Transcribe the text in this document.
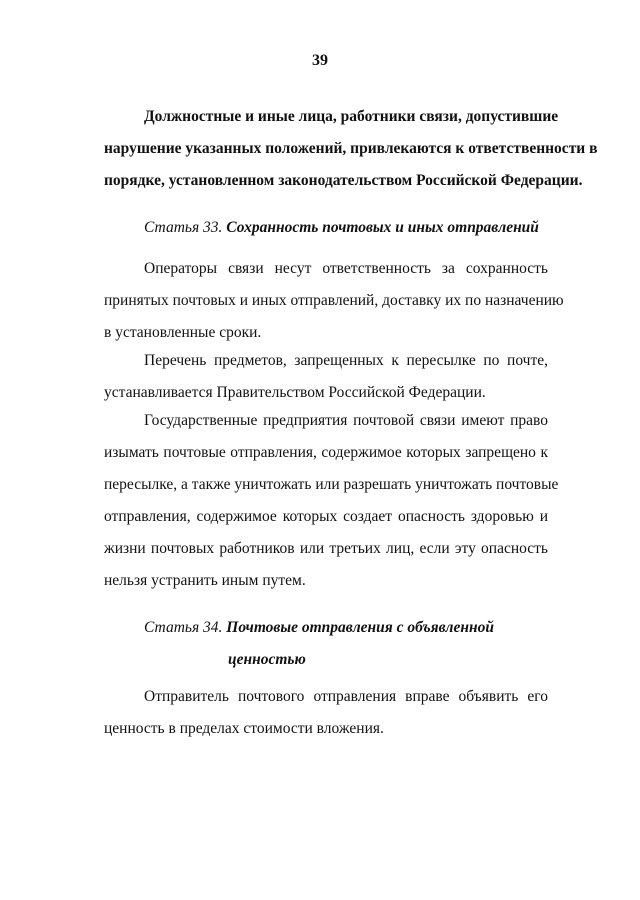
39
Должностные и иные лица, работники связи, допустившие
нарушение указанных положений, привлекаются к ответственности в
порядке, установленном законодательством Российской Федерации.
Статья 33. Сохранность почтовых и иных отправлений
Операторы связи несут ответственность за сохранность
принятых почтовых и иных отправлений, доставку их по назначению
в установленные сроки.
Перечень предметов, запрещенных к пересылке по почте,
устанавливается Правительством Российской Федерации.
Государственные предприятия почтовой связи имеют право
изымать почтовые отправления, содержимое которых запрещено к
пересылке, а также уничтожать или разрешать уничтожать почтовые
отправления, содержимое которых создает опасность здоровью и
жизни почтовых работников или третьих лиц, если эту опасность
нельзя устранить иным путем.
Статья 34. Почтовые отправления с объявленной
ценностью
Отправитель почтового отправления вправе объявить его
ценность в пределах стоимости вложения.
